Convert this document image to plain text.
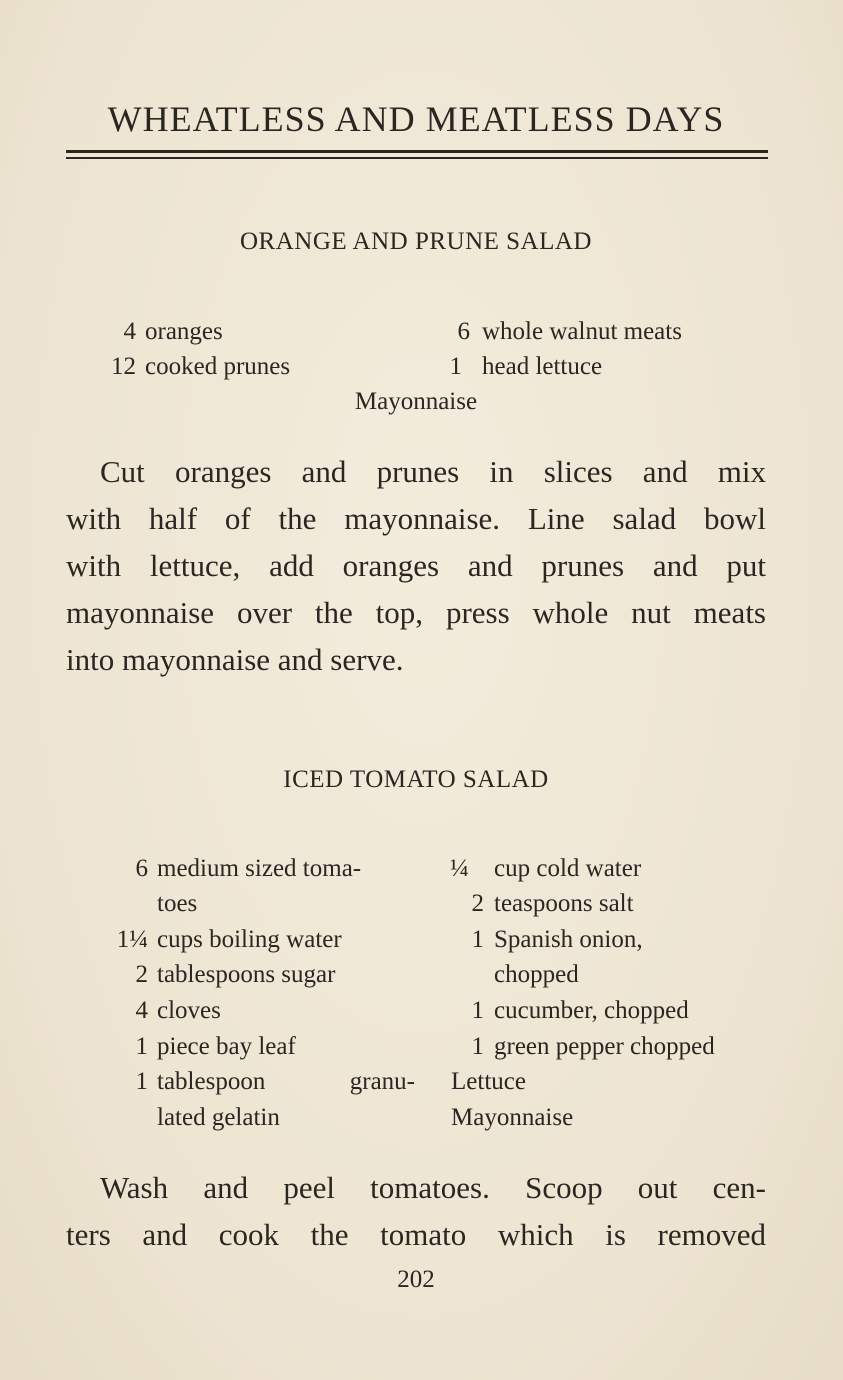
WHEATLESS AND MEATLESS DAYS
ORANGE AND PRUNE SALAD
4 oranges
12 cooked prunes
6 whole walnut meats
1 head lettuce
Mayonnaise

Cut oranges and prunes in slices and mix

with half of the mayonnaise. Line salad bowl

with lettuce, add oranges and prunes and put

mayonnaise over the top, press whole nut meats

into mayonnaise and serve.

ICED TOMATO SALAD
6 medium sized toma-
toes
1¼ cups boiling water
2 tablespoons sugar
4 cloves
1 piece bay leaf
1 tablespoon granu-
lated gelatin
¼ cup cold water
2 teaspoons salt
1 Spanish onion,
chopped
1 cucumber, chopped
1 green pepper chopped
Lettuce
Mayonnaise

Wash and peel tomatoes. Scoop out cen-

ters and cook the tomato which is removed

202
